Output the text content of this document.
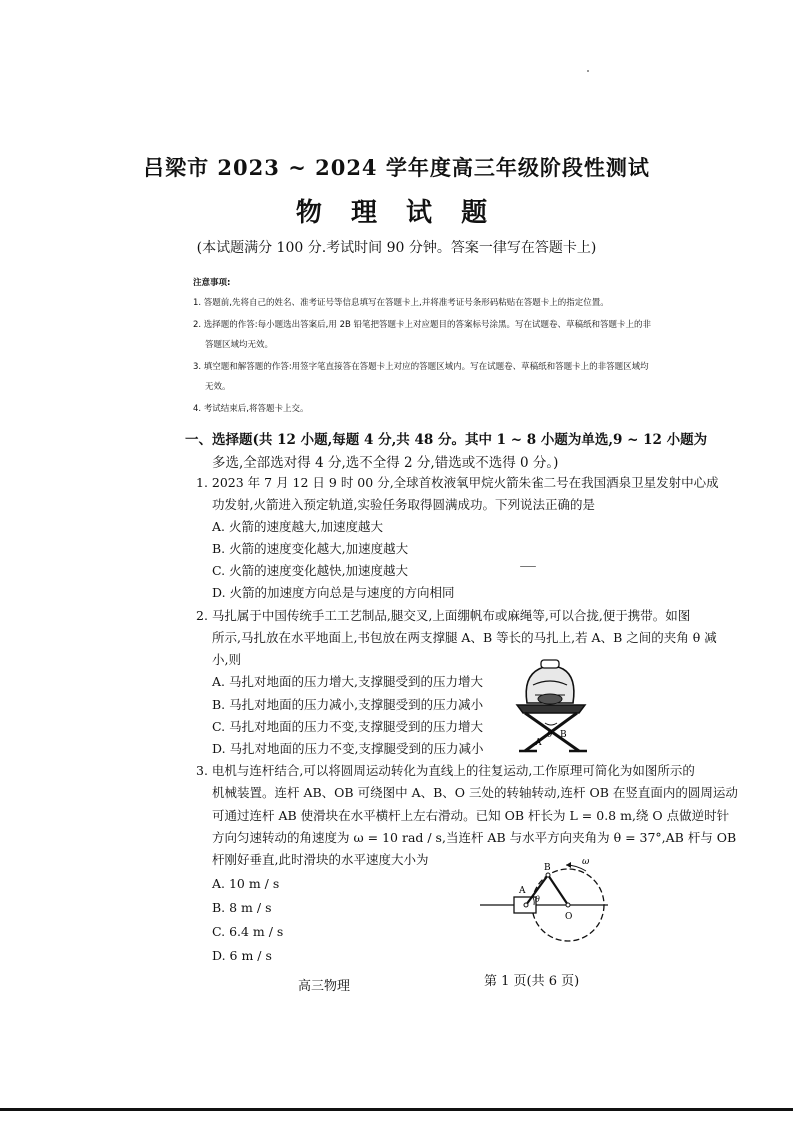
吕梁市 2023 ~ 2024 学年度高三年级阶段性测试
物 理 试 题
(本试题满分 100 分.考试时间 90 分钟。答案一律写在答题卡上)
注意事项:
1. 答题前,先将自己的姓名、准考证号等信息填写在答题卡上,并将准考证号条形码粘贴在答题卡上的指定位置。
2. 选择题的作答:每小题选出答案后,用 2B 铅笔把答题卡上对应题目的答案标号涂黑。写在试题卷、草稿纸和答题卡上的非
答题区域均无效。
3. 填空题和解答题的作答:用签字笔直接答在答题卡上对应的答题区域内。写在试题卷、草稿纸和答题卡上的非答题区域均
无效。
4. 考试结束后,将答题卡上交。
一、选择题(共 12 小题,每题 4 分,共 48 分。其中 1 ~ 8 小题为单选,9 ~ 12 小题为
多选,全部选对得 4 分,选不全得 2 分,错选或不选得 0 分。)
1. 2023 年 7 月 12 日 9 时 00 分,全球首枚液氧甲烷火箭朱雀二号在我国酒泉卫星发射中心成
功发射,火箭进入预定轨道,实验任务取得圆满成功。下列说法正确的是
A. 火箭的速度越大,加速度越大
B. 火箭的速度变化越大,加速度越大
C. 火箭的速度变化越快,加速度越大
D. 火箭的加速度方向总是与速度的方向相同
2. 马扎属于中国传统手工工艺制品,腿交叉,上面绷帆布或麻绳等,可以合拢,便于携带。如图
所示,马扎放在水平地面上,书包放在两支撑腿 A、B 等长的马扎上,若 A、B 之间的夹角 θ 减
小,则
A. 马扎对地面的压力增大,支撑腿受到的压力增大
B. 马扎对地面的压力减小,支撑腿受到的压力减小
C. 马扎对地面的压力不变,支撑腿受到的压力增大
D. 马扎对地面的压力不变,支撑腿受到的压力减小
θ
A
B
3. 电机与连杆结合,可以将圆周运动转化为直线上的往复运动,工作原理可简化为如图所示的
机械装置。连杆 AB、OB 可绕图中 A、B、O 三处的转轴转动,连杆 OB 在竖直面内的圆周运动
可通过连杆 AB 使滑块在水平横杆上左右滑动。已知 OB 杆长为 L = 0.8 m,绕 O 点做逆时针
方向匀速转动的角速度为 ω = 10 rad / s,当连杆 AB 与水平方向夹角为 θ = 37°,AB 杆与 OB
杆刚好垂直,此时滑块的水平速度大小为
A. 10 m / s
B. 8 m / s
C. 6.4 m / s
D. 6 m / s
A
B
O
θ
ω
高三物理	第 1 页(共 6 页)
